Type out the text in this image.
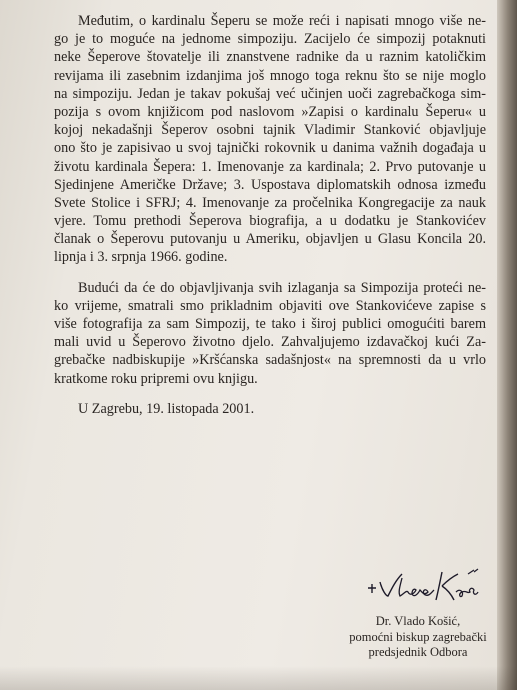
Međutim, o kardinalu Šeperu se može reći i napisati mnogo više ne-
go je to moguće na jednome simpoziju. Zacijelo će simpozij potaknuti
neke Šeperove štovatelje ili znanstvene radnike da u raznim katoličkim
revijama ili zasebnim izdanjima još mnogo toga reknu što se nije moglo
na simpoziju. Jedan je takav pokušaj već učinjen uoči zagrebačkoga sim-
pozija s ovom knjižicom pod naslovom »Zapisi o kardinalu Šeperu« u
kojoj nekadašnji Šeperov osobni tajnik Vladimir Stanković objavljuje
ono što je zapisivao u svoj tajnički rokovnik u danima važnih događaja u
životu kardinala Šepera: 1. Imenovanje za kardinala; 2. Prvo putovanje u
Sjedinjene Američke Države; 3. Uspostava diplomatskih odnosa između
Svete Stolice i SFRJ; 4. Imenovanje za pročelnika Kongregacije za nauk
vjere. Tomu prethodi Šeperova biografija, a u dodatku je Stankovićev
članak o Šeperovu putovanju u Ameriku, objavljen u Glasu Koncila 20.
lipnja i 3. srpnja 1966. godine.
Budući da će do objavljivanja svih izlaganja sa Simpozija proteći ne-
ko vrijeme, smatrali smo prikladnim objaviti ove Stankovićeve zapise s
više fotografija za sam Simpozij, te tako i široj publici omogućiti barem
mali uvid u Šeperovo životno djelo. Zahvaljujemo izdavačkoj kući Za-
grebačke nadbiskupije »Kršćanska sadašnjost« na spremnosti da u vrlo
kratkome roku pripremi ovu knjigu.
U Zagrebu, 19. listopada 2001.
Dr. Vlado Košić,
pomoćni biskup zagrebački
predsjednik Odbora
